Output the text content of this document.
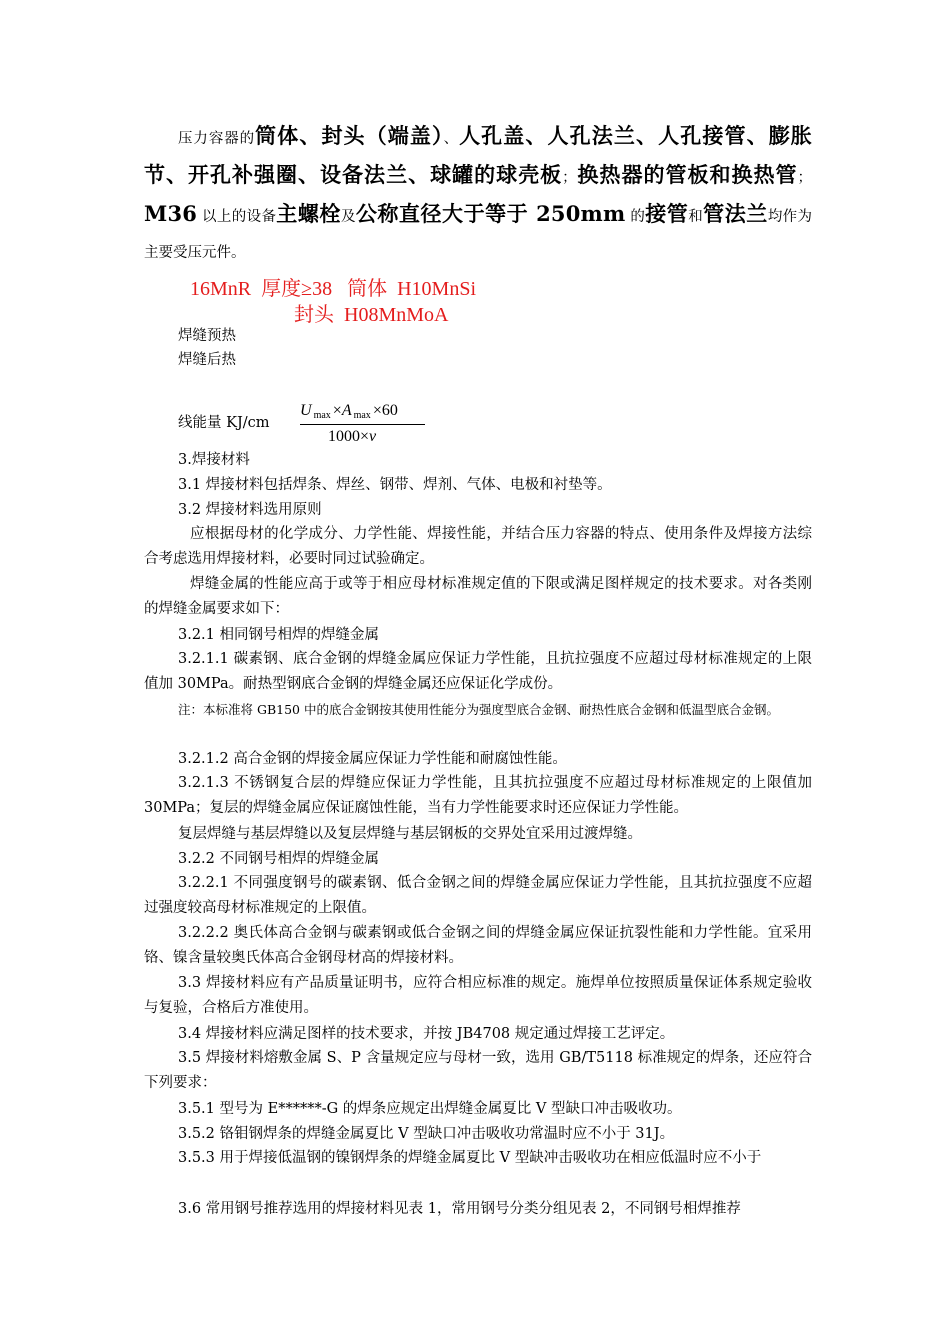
压力容器的筒体、封头（端盖）、人孔盖、人孔法兰、人孔接管、膨胀节、开孔补强圈、设备法兰、球罐的球壳板；换热器的管板和换热管；M36 以上的设备主螺栓及公称直径大于等于 250mm 的接管和管法兰均作为主要受压元件。
16MnR  厚度≥38   筒体  H10MnSi
封头  H08MnMoA
焊缝预热
焊缝后热
线能量 KJ/cm
U $_{max}$ ×A $_{max}$ ×60
1000×v
3.焊接材料
3.1 焊接材料包括焊条、焊丝、钢带、焊剂、气体、电极和衬垫等。
3.2 焊接材料选用原则
应根据母材的化学成分、力学性能、焊接性能，并结合压力容器的特点、使用条件及焊接方法综合考虑选用焊接材料，必要时同过试验确定。
焊缝金属的性能应高于或等于相应母材标准规定值的下限或满足图样规定的技术要求。对各类刚的焊缝金属要求如下：
3.2.1 相同钢号相焊的焊缝金属
3.2.1.1 碳素钢、底合金钢的焊缝金属应保证力学性能，且抗拉强度不应超过母材标准规定的上限值加 30MPa。耐热型钢底合金钢的焊缝金属还应保证化学成份。
注：本标准将 GB150 中的底合金钢按其使用性能分为强度型底合金钢、耐热性底合金钢和低温型底合金钢。
3.2.1.2 高合金钢的焊接金属应保证力学性能和耐腐蚀性能。
3.2.1.3 不锈钢复合层的焊缝应保证力学性能，且其抗拉强度不应超过母材标准规定的上限值加 30MPa；复层的焊缝金属应保证腐蚀性能，当有力学性能要求时还应保证力学性能。
复层焊缝与基层焊缝以及复层焊缝与基层钢板的交界处宜采用过渡焊缝。
3.2.2 不同钢号相焊的焊缝金属
3.2.2.1 不同强度钢号的碳素钢、低合金钢之间的焊缝金属应保证力学性能，且其抗拉强度不应超过强度较高母材标准规定的上限值。
3.2.2.2 奥氏体高合金钢与碳素钢或低合金钢之间的焊缝金属应保证抗裂性能和力学性能。宜采用铬、镍含量较奥氏体高合金钢母材高的焊接材料。
3.3 焊接材料应有产品质量证明书，应符合相应标准的规定。施焊单位按照质量保证体系规定验收与复验，合格后方准使用。
3.4 焊接材料应满足图样的技术要求，并按 JB4708 规定通过焊接工艺评定。
3.5 焊接材料熔敷金属 S、P 含量规定应与母材一致，选用 GB/T5118 标准规定的焊条，还应符合下列要求：
3.5.1 型号为 E******-G 的焊条应规定出焊缝金属夏比 V 型缺口冲击吸收功。
3.5.2 铬钼钢焊条的焊缝金属夏比 V 型缺口冲击吸收功常温时应不小于 31J。
3.5.3 用于焊接低温钢的镍钢焊条的焊缝金属夏比 V 型缺冲击吸收功在相应低温时应不小于
3.6 常用钢号推荐选用的焊接材料见表 1，常用钢号分类分组见表 2，不同钢号相焊推荐
